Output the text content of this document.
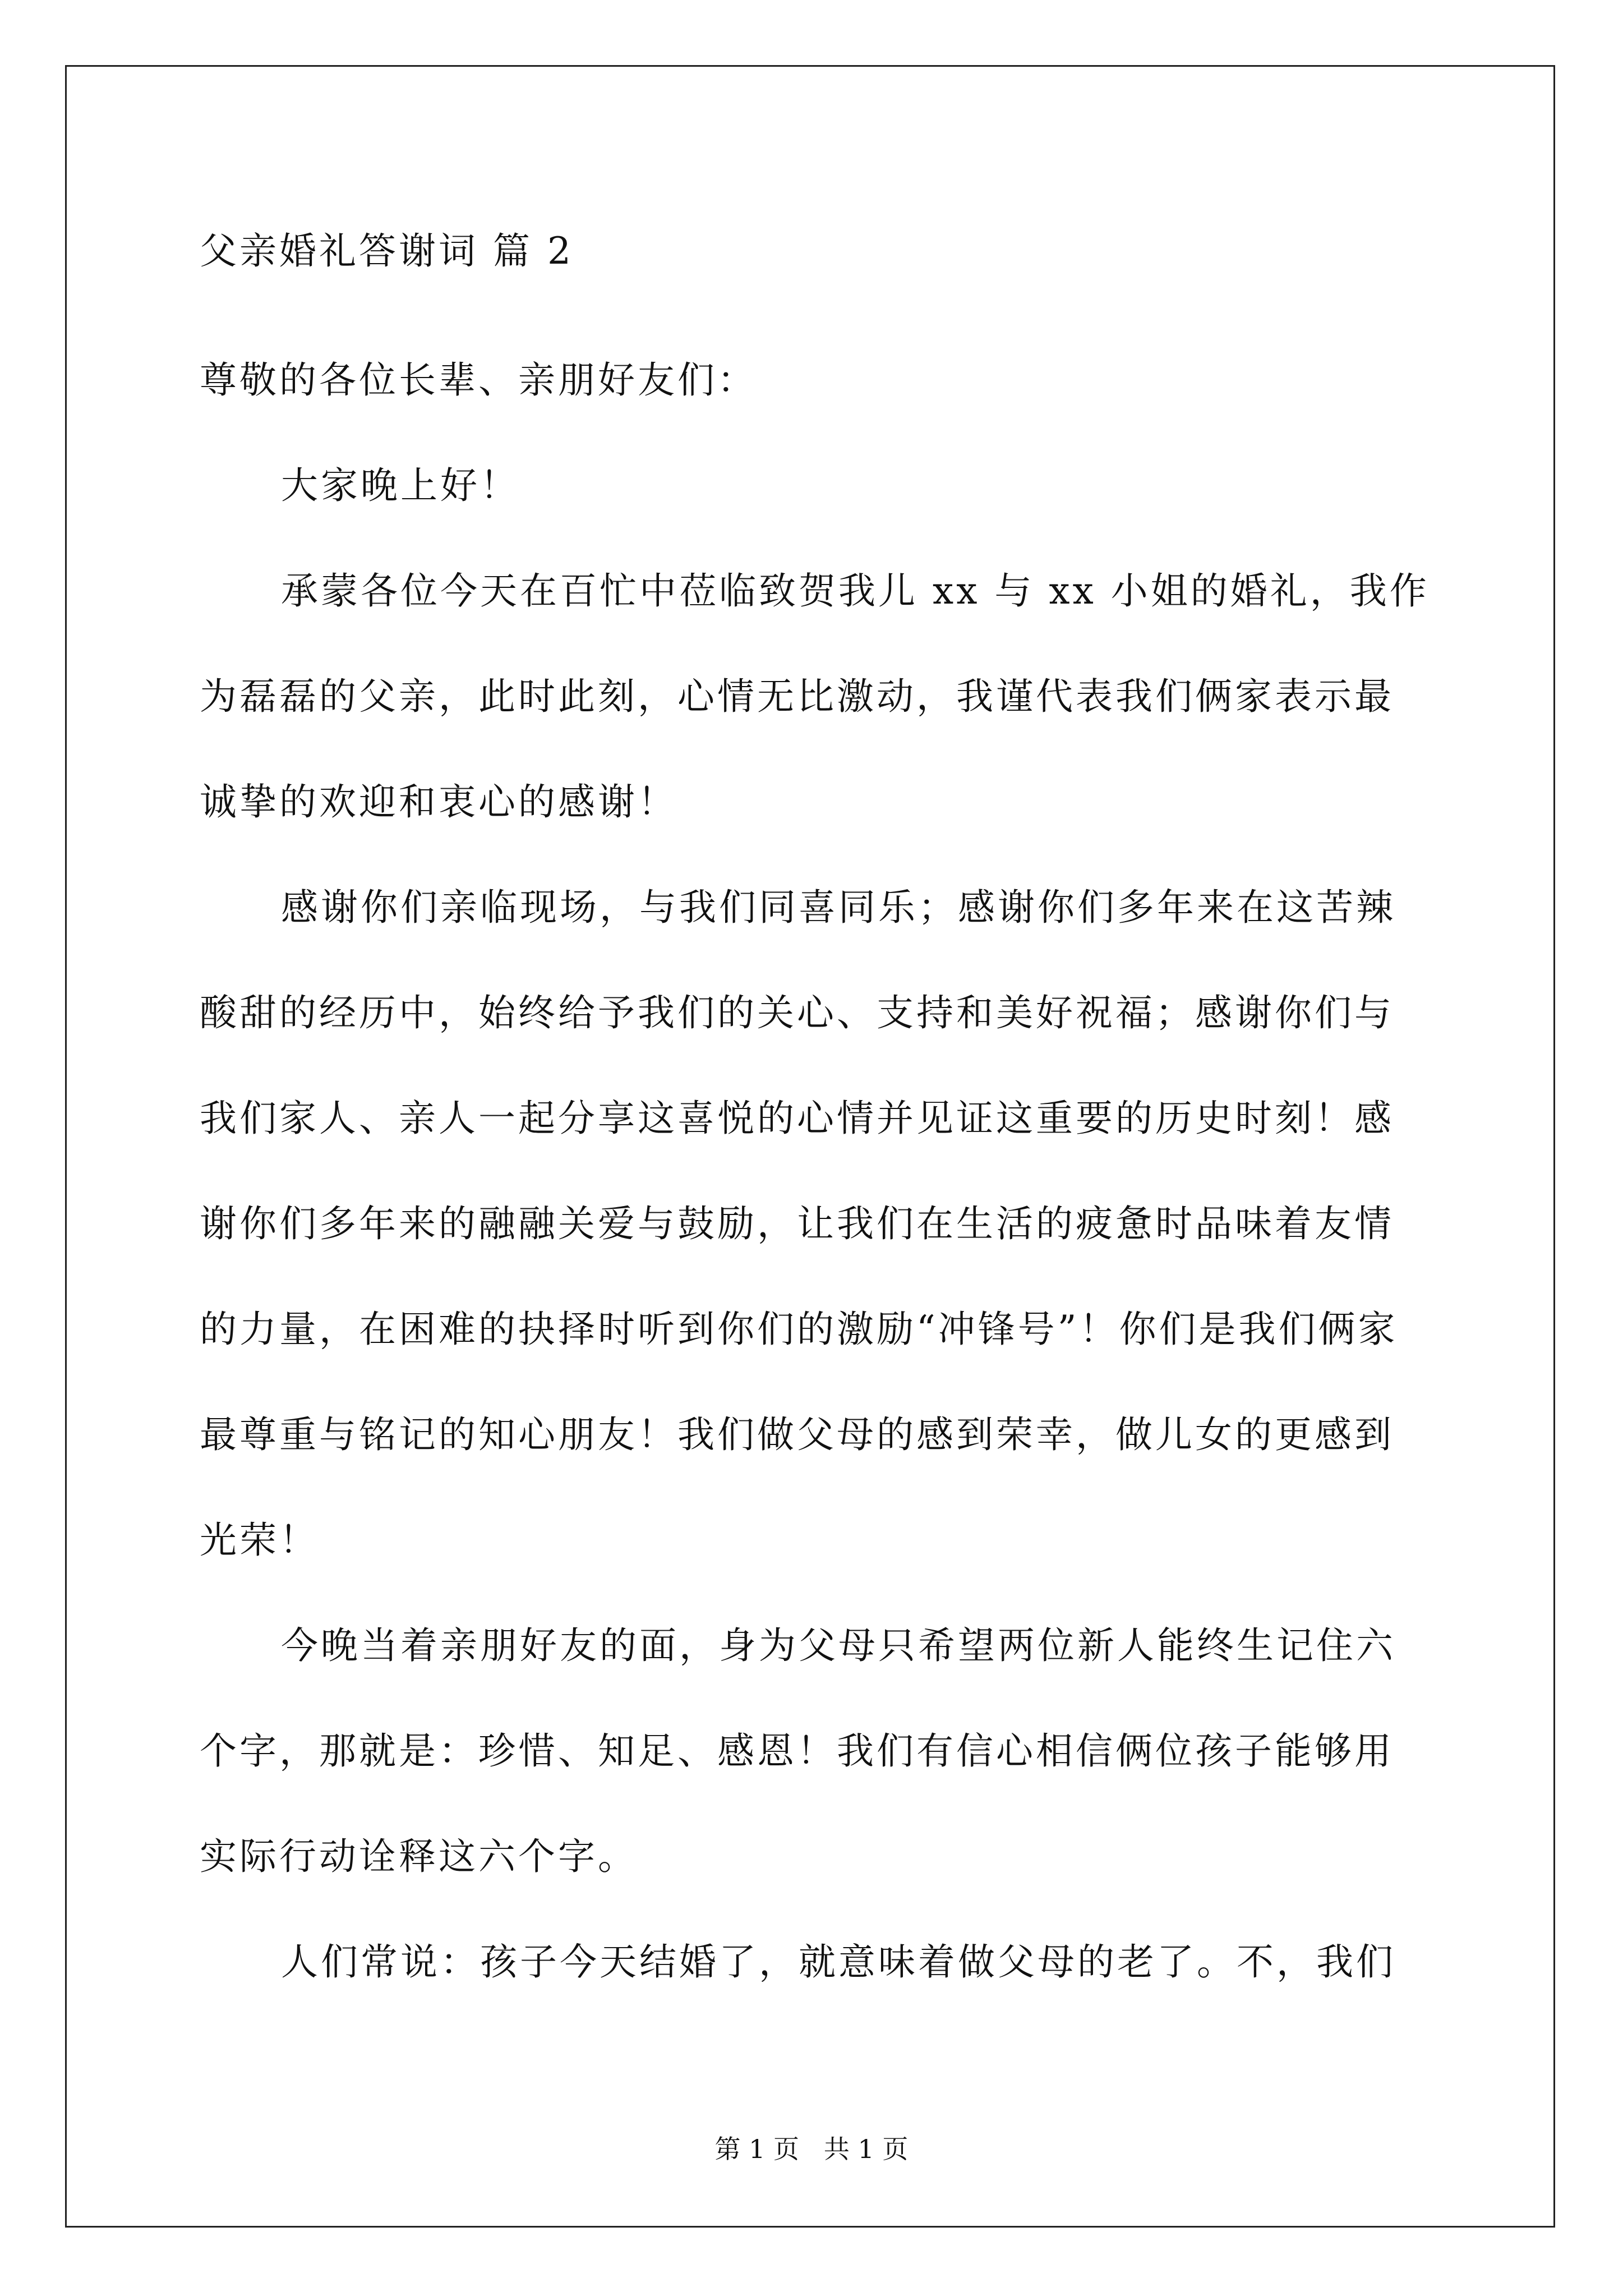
父亲婚礼答谢词 篇 2
尊敬的各位长辈、亲朋好友们：
大家晚上好！
承蒙各位今天在百忙中莅临致贺我儿 xx 与 xx 小姐的婚礼，我作
为磊磊的父亲，此时此刻，心情无比激动，我谨代表我们俩家表示最
诚挚的欢迎和衷心的感谢！
感谢你们亲临现场，与我们同喜同乐；感谢你们多年来在这苦辣
酸甜的经历中，始终给予我们的关心、支持和美好祝福；感谢你们与
我们家人、亲人一起分享这喜悦的心情并见证这重要的历史时刻！感
谢你们多年来的融融关爱与鼓励，让我们在生活的疲惫时品味着友情
的力量，在困难的抉择时听到你们的激励“冲锋号”！你们是我们俩家
最尊重与铭记的知心朋友！我们做父母的感到荣幸，做儿女的更感到
光荣！
今晚当着亲朋好友的面，身为父母只希望两位新人能终生记住六
个字，那就是：珍惜、知足、感恩！我们有信心相信俩位孩子能够用
实际行动诠释这六个字。
人们常说：孩子今天结婚了，就意味着做父母的老了。不，我们
第 1 页   共 1 页
